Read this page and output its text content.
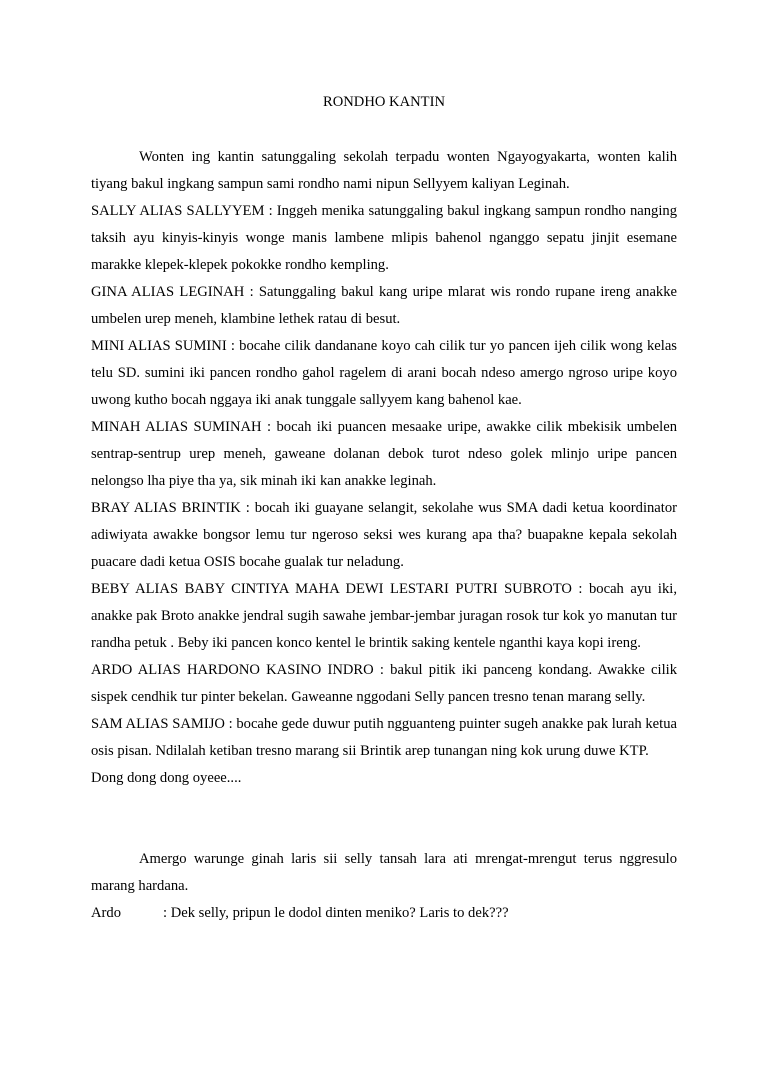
RONDHO KANTIN

Wonten ing kantin satunggaling sekolah terpadu wonten Ngayogyakarta, wonten kalih tiyang bakul ingkang sampun sami rondho nami nipun Sellyyem kaliyan Leginah.

SALLY ALIAS SALLYYEM : Inggeh menika satunggaling bakul ingkang sampun rondho nanging taksih ayu kinyis-kinyis wonge manis lambene mlipis bahenol nganggo sepatu jinjit esemane marakke klepek-klepek pokokke rondho kempling.

GINA ALIAS LEGINAH : Satunggaling bakul kang uripe mlarat wis rondo rupane ireng anakke umbelen urep meneh, klambine lethek ratau di besut.

MINI ALIAS SUMINI : bocahe cilik dandanane koyo cah cilik tur yo pancen ijeh cilik wong kelas telu SD. sumini iki pancen rondho gahol ragelem di arani bocah ndeso amergo ngroso uripe koyo uwong kutho bocah nggaya iki anak tunggale sallyyem kang bahenol kae.

MINAH ALIAS SUMINAH : bocah iki puancen mesaake uripe, awakke cilik mbekisik umbelen sentrap-sentrup urep meneh, gaweane dolanan debok turot ndeso golek mlinjo uripe pancen nelongso lha piye tha ya, sik minah iki kan anakke leginah.

BRAY ALIAS BRINTIK : bocah iki guayane selangit, sekolahe wus SMA dadi ketua koordinator adiwiyata awakke bongsor lemu tur ngeroso seksi wes kurang apa tha? buapakne kepala sekolah puacare dadi ketua OSIS bocahe gualak tur neladung.

BEBY ALIAS BABY CINTIYA MAHA DEWI LESTARI PUTRI SUBROTO : bocah ayu iki, anakke pak Broto anakke jendral sugih sawahe jembar-jembar juragan rosok tur kok yo manutan tur randha petuk . Beby iki pancen konco kentel le brintik saking kentele nganthi kaya kopi ireng.

ARDO ALIAS HARDONO KASINO INDRO : bakul pitik iki panceng kondang. Awakke cilik sispek cendhik tur pinter bekelan. Gaweanne nggodani Selly pancen tresno tenan marang selly.

SAM ALIAS SAMIJO : bocahe gede duwur putih ngguanteng puinter sugeh anakke pak lurah ketua osis pisan. Ndilalah ketiban tresno marang sii Brintik arep tunangan ning kok urung duwe KTP.

Dong dong dong oyeee....

Amergo warunge ginah laris sii selly tansah lara ati mrengat-mrengut terus nggresulo marang hardana.

Ardo	: Dek selly, pripun le dodol dinten meniko? Laris to dek???
